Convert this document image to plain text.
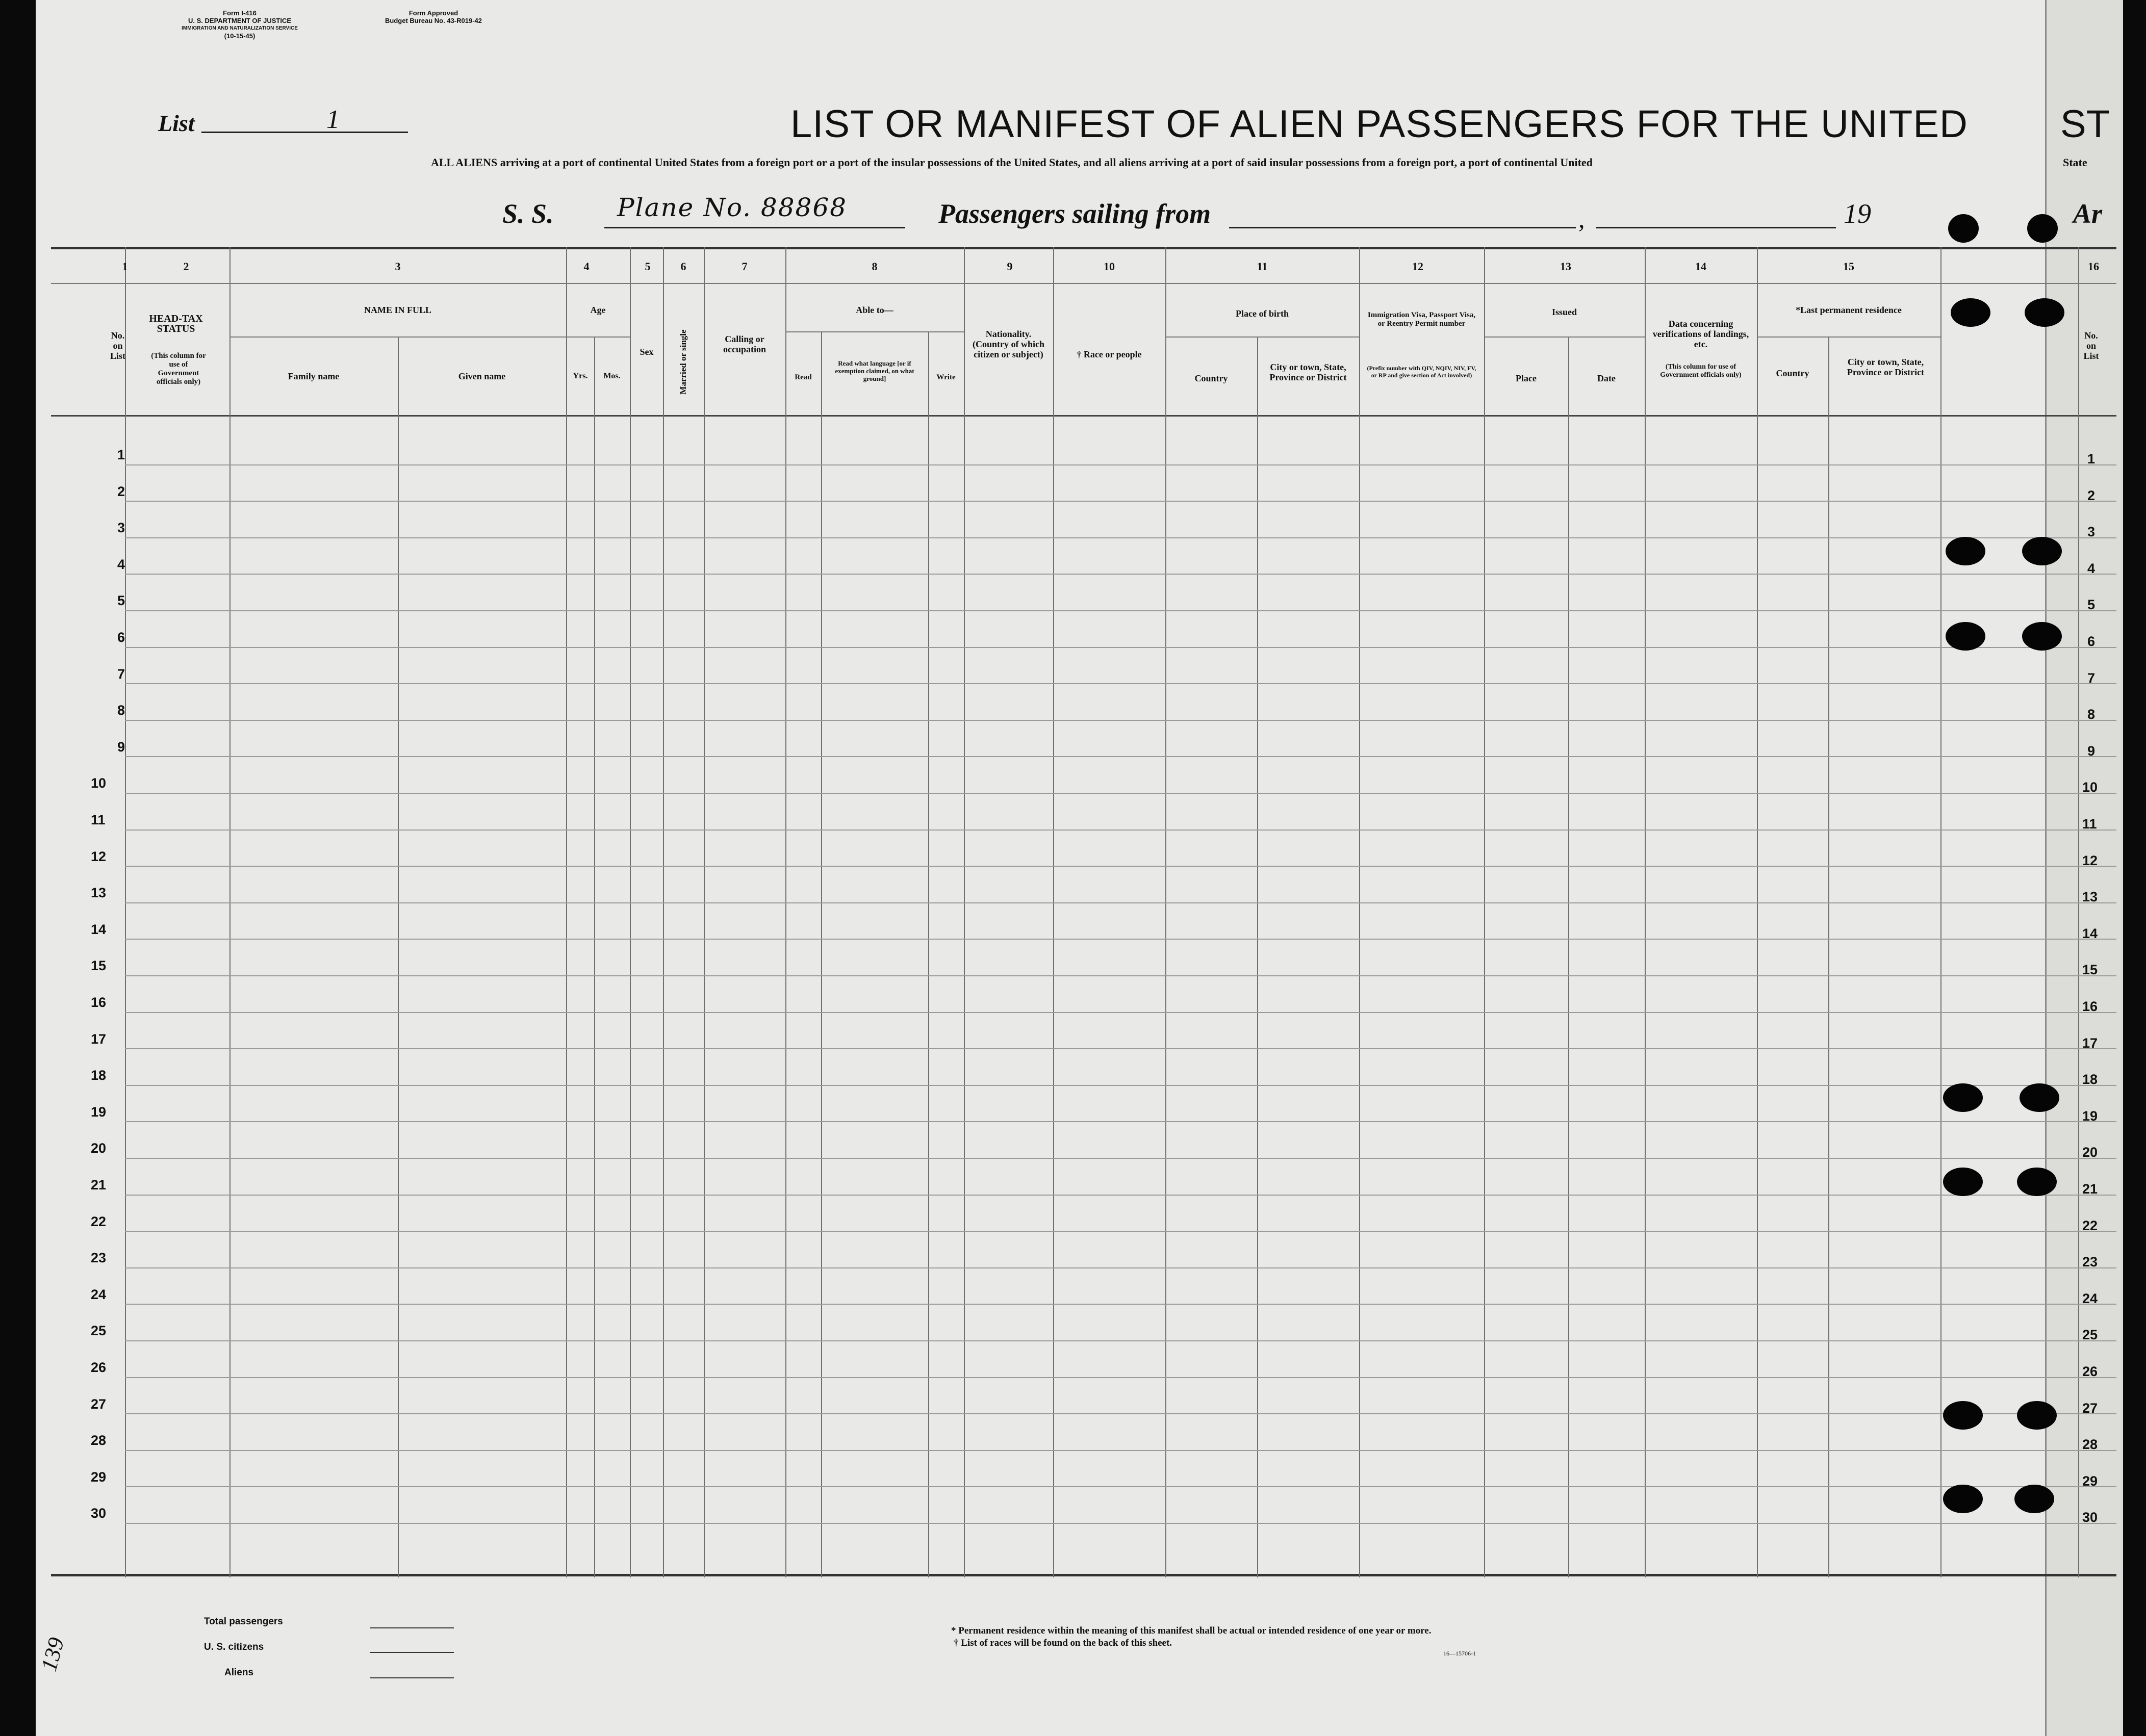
Form I-416
U. S. DEPARTMENT OF JUSTICE
IMMIGRATION AND NATURALIZATION SERVICE
(10-15-45)
Form Approved
Budget Bureau No. 43-R019-42
List	1	LIST OR MANIFEST OF ALIEN PASSENGERS FOR THE UNITED ST
ALL ALIENS arriving at a port of continental United States from a foreign port or a port of the insular possessions of the United States, and all aliens arriving at a port of said insular possessions from a foreign port, a port of continental United	State
S. S. Plane No. 88868	Passengers sailing from	,	19	Ar
1	2	3	4	5	6	7	8	9	10	11	12	13	14	15	16
No. on List
HEAD-TAX STATUS
(This column for use of Government officials only)
NAME IN FULL
Family name	Given name
Age
Yrs.	Mos.
Sex	Married or single	Calling or occupation
Able to—
Read
Read what language [or if exemption claimed, on what ground]	Write
Nationality. (Country of which citizen or subject)	† Race or people
Place of birth
Country
City or town, State, Province or District
Immigration Visa, Passport Visa, or Reentry Permit number
(Prefix number with QIV, NQIV, NIV, FV, or RP and give section of Act involved)
Issued
Place	Date
Data concerning verifications of landings, etc.
(This column for use of Government officials only)
*Last permanent residence
Country
City or town, State, Province or District
No. on List
1	1
2	2
3	3
4	4
5	5
6	6
7	7
8	8
9	9
10	10
11	11
12	12
13	13
14	14
15	15
16	16
17	17
18	18
19	19
20	20
21	21
22	22
23	23
24	24
25	25
26	26
27	27
28	28
29	29
30	30
Total passengers
U. S. citizens
Aliens
* Permanent residence within the meaning of this manifest shall be actual or intended residence of one year or more.
† List of races will be found on the back of this sheet.
16—15706-1
139
